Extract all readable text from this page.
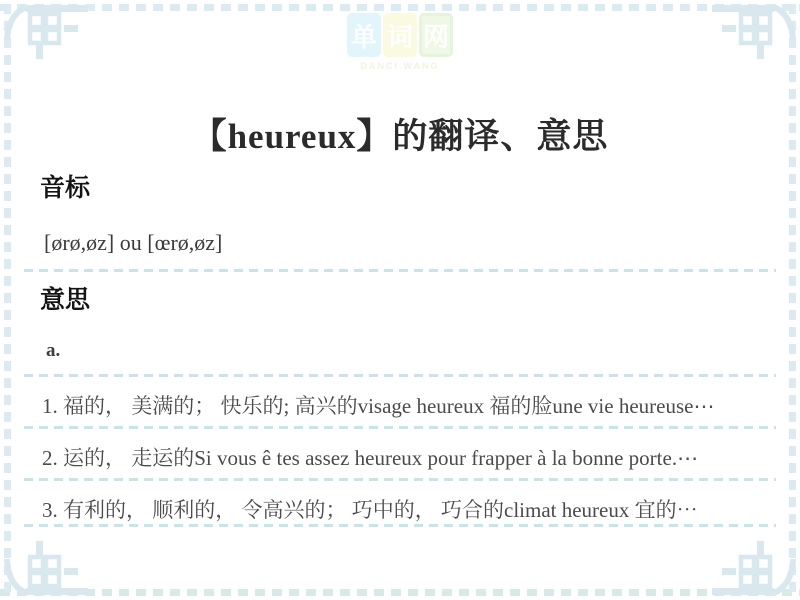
单 词 网
DANCI.WANG
【heureux】的翻译、意思
音标
[ørø,øz] ou [œrø,øz]
意思
a.
1. 福的， 美满的； 快乐的; 高兴的visage heureux 福的脸une vie heureuse⋯
2. 运的， 走运的Si vous ê tes assez heureux pour frapper à la bonne porte.⋯
3. 有利的， 顺利的， 令高兴的； 巧中的， 巧合的climat heureux 宜的⋯
